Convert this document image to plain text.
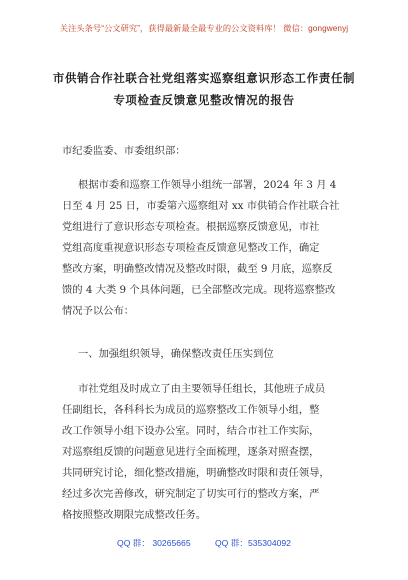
关注头条号“公文研究”，获得最新最全最专业的公文资料库！ 微信：gongwenyj
市供销合作社联合社党组落实巡察组意识形态工作责任制
专项检查反馈意见整改情况的报告
市纪委监委、市委组织部：
根据市委和巡察工作领导小组统一部署，2024 年 3 月 4
日至 4 月 25 日，市委第六巡察组对 xx 市供销合作社联合社
党组进行了意识形态专项检查。根据巡察反馈意见，市社
党组高度重视意识形态专项检查反馈意见整改工作，确定
整改方案，明确整改情况及整改时限，截至 9 月底，巡察反
馈的 4 大类 9 个具体问题，已全部整改完成。现将巡察整改
情况予以公布：
一、加强组织领导，确保整改责任压实到位
市社党组及时成立了由主要领导任组长，其他班子成员
任副组长，各科科长为成员的巡察整改工作领导小组，整
改工作领导小组下设办公室。同时，结合市社工作实际，
对巡察组反馈的问题意见进行全面梳理，逐条对照查摆，
共同研究讨论，细化整改措施，明确整改时限和责任领导，
经过多次完善修改，研究制定了切实可行的整改方案，严
格按照整改期限完成整改任务。
QQ 群： 30265665	QQ 群：535304092
